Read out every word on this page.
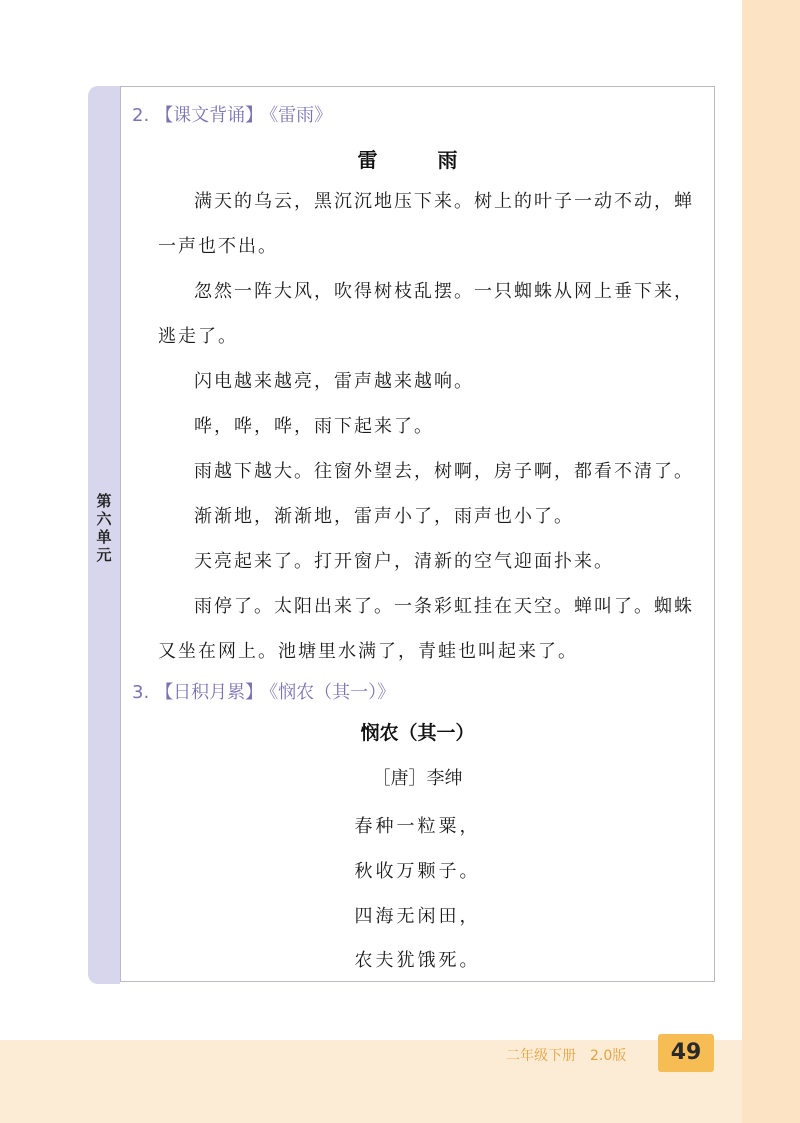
第六单元
2. 【课文背诵】 《雷雨》
雷　雨

满天的乌云，黑沉沉地压下来。树上的叶子一动不动，蝉一声也不出。

忽然一阵大风，吹得树枝乱摆。一只蜘蛛从网上垂下来，逃走了。

闪电越来越亮，雷声越来越响。

哗，哗，哗，雨下起来了。

雨越下越大。往窗外望去，树啊，房子啊，都看不清了。

渐渐地，渐渐地，雷声小了，雨声也小了。

天亮起来了。打开窗户，清新的空气迎面扑来。

雨停了。太阳出来了。一条彩虹挂在天空。蝉叫了。蜘蛛又坐在网上。池塘里水满了，青蛙也叫起来了。

3. 【日积月累】 《悯农（其一）》
悯农（其一）
［唐］李绅
春种一粒粟，
秋收万颗子。
四海无闲田，
农夫犹饿死。
二年级下册　2.0版	49
